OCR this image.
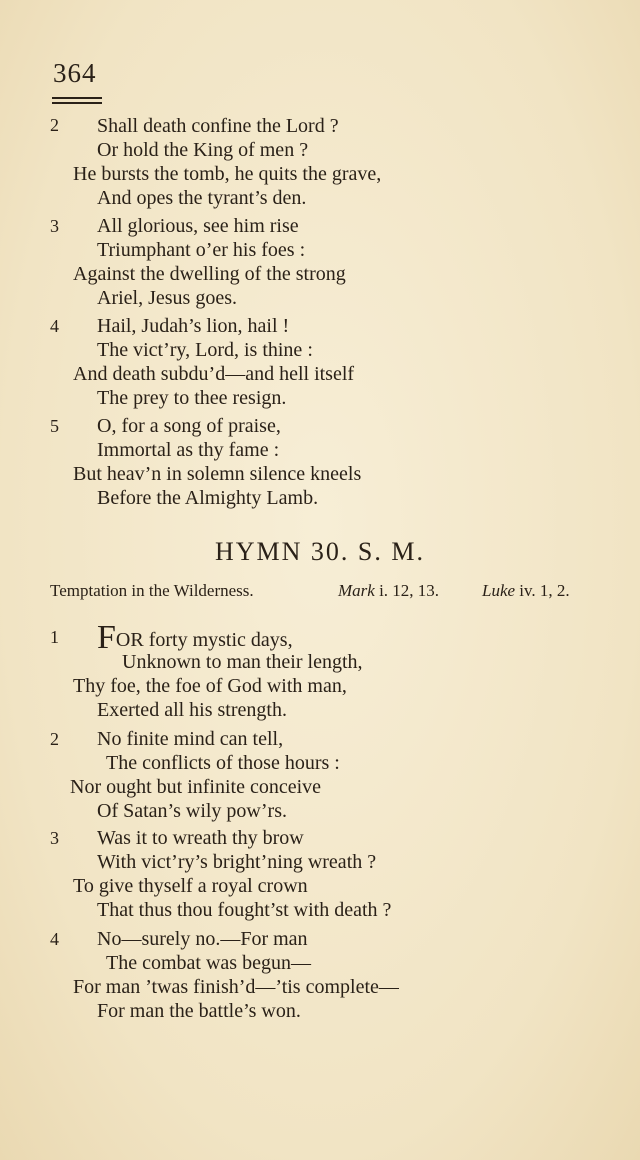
364
2 Shall death confine the Lord ?
Or hold the King of men ?
He bursts the tomb, he quits the grave,
And opes the tyrant’s den.
3 All glorious, see him rise
Triumphant o’er his foes :
Against the dwelling of the strong
Ariel, Jesus goes.
4 Hail, Judah’s lion, hail !
The vict’ry, Lord, is thine :
And death subdu’d—and hell itself
The prey to thee resign.
5 O, for a song of praise,
Immortal as thy fame :
But heav’n in solemn silence kneels
Before the Almighty Lamb.
HYMN 30. S. M.
Temptation in the Wilderness.	Mark i. 12, 13.	Luke iv. 1, 2.
1 FOR forty mystic days,
Unknown to man their length,
Thy foe, the foe of God with man,
Exerted all his strength.
2 No finite mind can tell,
The conflicts of those hours :
Nor ought but infinite conceive
Of Satan’s wily pow’rs.
3 Was it to wreath thy brow
With vict’ry’s bright’ning wreath ?
To give thyself a royal crown
That thus thou fought’st with death ?
4 No—surely no.—For man
The combat was begun—
For man ’twas finish’d—’tis complete—
For man the battle’s won.
